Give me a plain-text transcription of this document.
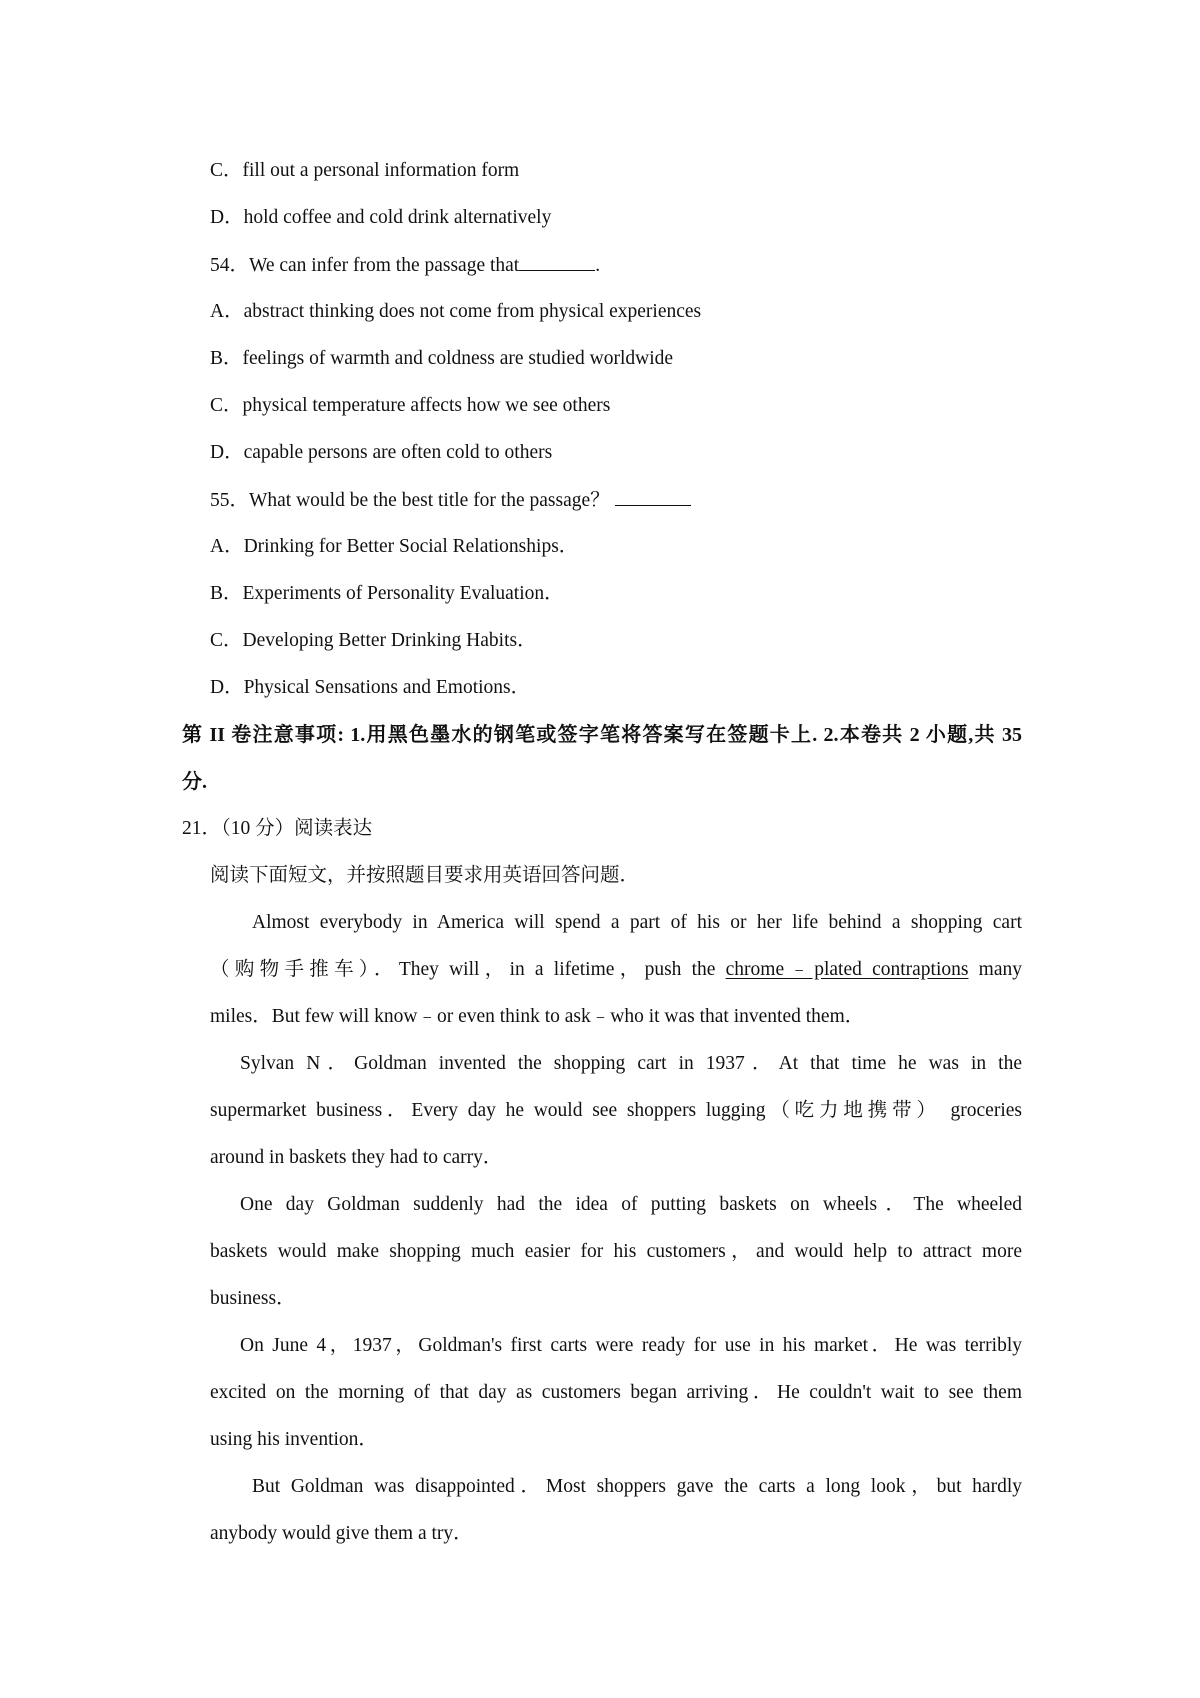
C．fill out a personal information form
D．hold coffee and cold drink alternatively
54．We can infer from the passage that	.
A．abstract thinking does not come from physical experiences
B．feelings of warmth and coldness are studied worldwide
C．physical temperature affects how we see others
D．capable persons are often cold to others
55．What would be the best title for the passage？
A．Drinking for Better Social Relationships．
B．Experiments of Personality Evaluation．
C．Developing Better Drinking Habits．
D．Physical Sensations and Emotions．
第 II 卷注意事项: 1.用黑色墨水的钢笔或签字笔将答案写在签题卡上. 2.本卷共 2 小题,共 35
分.
21．（10 分）阅读表达
阅读下面短文，并按照题目要求用英语回答问题．
Almost everybody in America will spend a part of his or her life behind a shopping cart
（购物手推车）．They will，in a lifetime，push the chrome﹣plated contraptions many
miles．But few will know﹣or even think to ask﹣who it was that invented them．
Sylvan N．Goldman invented the shopping cart in 1937．At that time he was in the
supermarket business．Every day he would see shoppers lugging（吃力地携带） groceries
around in baskets they had to carry．
One day Goldman suddenly had the idea of putting baskets on wheels．The wheeled
baskets would make shopping much easier for his customers，and would help to attract more
business．
On June 4，1937，Goldman's first carts were ready for use in his market．He was terribly
excited on the morning of that day as customers began arriving．He couldn't wait to see them
using his invention．
But Goldman was disappointed．Most shoppers gave the carts a long look，but hardly
anybody would give them a try．
